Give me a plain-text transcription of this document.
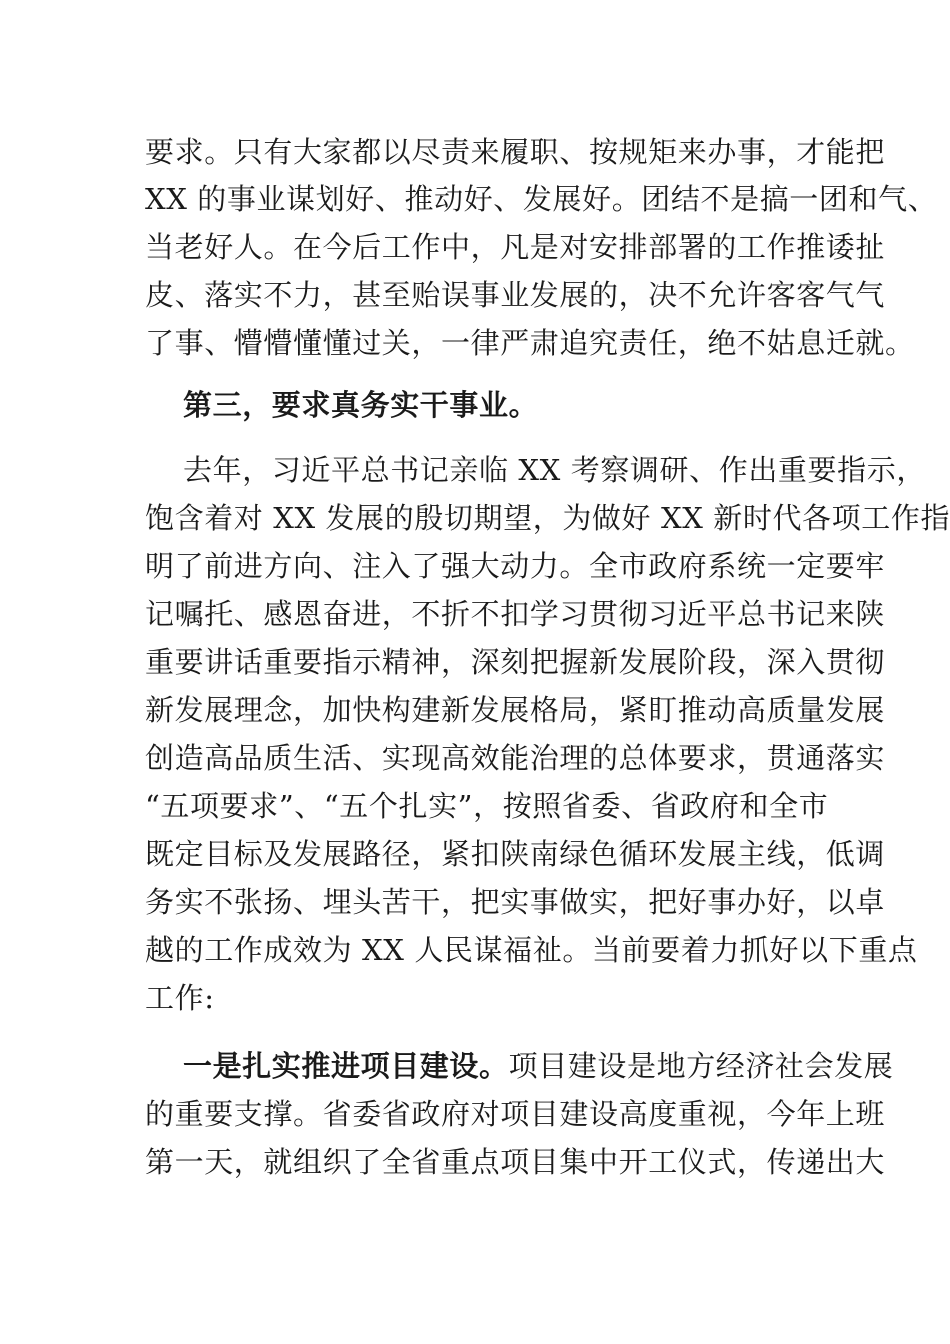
要求。只有大家都以尽责来履职、按规矩来办事，才能把
XX 的事业谋划好、推动好、发展好。团结不是搞一团和气、
当老好人。在今后工作中，凡是对安排部署的工作推诿扯
皮、落实不力，甚至贻误事业发展的，决不允许客客气气
了事、懵懵懂懂过关，一律严肃追究责任，绝不姑息迁就。
第三，要求真务实干事业。
去年，习近平总书记亲临 XX 考察调研、作出重要指示，
饱含着对 XX 发展的殷切期望，为做好 XX 新时代各项工作指
明了前进方向、注入了强大动力。全市政府系统一定要牢
记嘱托、感恩奋进，不折不扣学习贯彻习近平总书记来陕
重要讲话重要指示精神，深刻把握新发展阶段，深入贯彻
新发展理念，加快构建新发展格局，紧盯推动高质量发展
创造高品质生活、实现高效能治理的总体要求，贯通落实
“五项要求”、“五个扎实”，按照省委、省政府和全市
既定目标及发展路径，紧扣陕南绿色循环发展主线，低调
务实不张扬、埋头苦干，把实事做实，把好事办好，以卓
越的工作成效为 XX 人民谋福祉。当前要着力抓好以下重点
工作:
一是扎实推进项目建设。项目建设是地方经济社会发展
的重要支撑。省委省政府对项目建设高度重视，今年上班
第一天，就组织了全省重点项目集中开工仪式，传递出大
